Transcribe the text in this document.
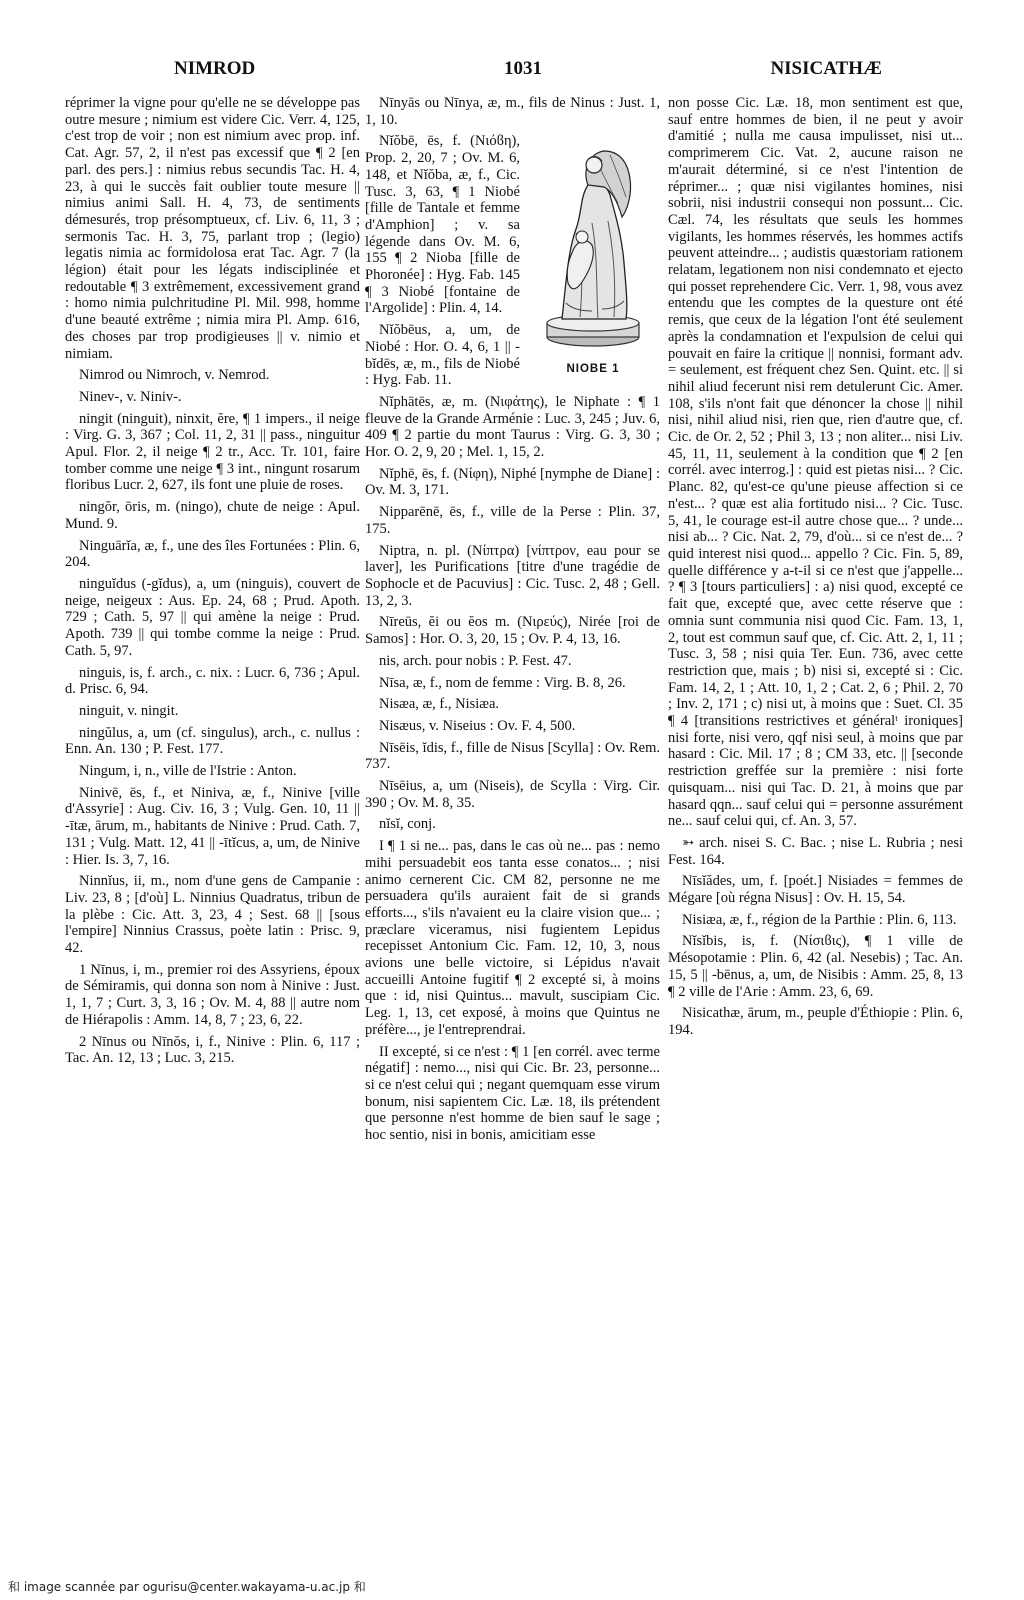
NIMROD	1031	NISICATHÆ

réprimer la vigne pour qu'elle ne se développe pas outre mesure ; nimium est videre Cic. Verr. 4, 125, c'est trop de voir ; non est nimium avec prop. inf. Cat. Agr. 57, 2, il n'est pas excessif que ¶ 2 [en parl. des pers.] : nimius rebus secundis Tac. H. 4, 23, à qui le succès fait oublier toute mesure || nimius animi Sall. H. 4, 73, de sentiments démesurés, trop présomptueux, cf. Liv. 6, 11, 3 ; sermonis Tac. H. 3, 75, parlant trop ; (legio) legatis nimia ac formidolosa erat Tac. Agr. 7 (la légion) était pour les légats indisciplinée et redoutable ¶ 3 extrêmement, excessivement grand : homo nimia pulchritudine Pl. Mil. 998, homme d'une beauté extrême ; nimia mira Pl. Amp. 616, des choses par trop prodigieuses || v. nimio et nimiam.

Nimrod ou Nimroch, v. Nemrod.

Ninev-, v. Niniv-.

ningit (ninguit), ninxit, ĕre, ¶ 1 impers., il neige : Virg. G. 3, 367 ; Col. 11, 2, 31 || pass., ninguitur Apul. Flor. 2, il neige ¶ 2 tr., Acc. Tr. 101, faire tomber comme une neige ¶ 3 int., ningunt rosarum floribus Lucr. 2, 627, ils font une pluie de roses.

ningŏr, ōris, m. (ningo), chute de neige : Apul. Mund. 9.

Ninguārĭa, æ, f., une des îles Fortunées : Plin. 6, 204.

ninguĭdus (-gĭdus), a, um (ninguis), couvert de neige, neigeux : Aus. Ep. 24, 68 ; Prud. Apoth. 729 ; Cath. 5, 97 || qui amène la neige : Prud. Apoth. 739 || qui tombe comme la neige : Prud. Cath. 5, 97.

ninguis, is, f. arch., c. nix. : Lucr. 6, 736 ; Apul. d. Prisc. 6, 94.

ninguit, v. ningit.

ningŭlus, a, um (cf. singulus), arch., c. nullus : Enn. An. 130 ; P. Fest. 177.

Ningum, i, n., ville de l'Istrie : Anton.

Ninivē, ēs, f., et Niniva, æ, f., Ninive [ville d'Assyrie] : Aug. Civ. 16, 3 ; Vulg. Gen. 10, 11 || -ītæ, ārum, m., habitants de Ninive : Prud. Cath. 7, 131 ; Vulg. Matt. 12, 41 || -ītĭcus, a, um, de Ninive : Hier. Is. 3, 7, 16.

Ninnĭus, ii, m., nom d'une gens de Campanie : Liv. 23, 8 ; [d'où] L. Ninnius Quadratus, tribun de la plèbe : Cic. Att. 3, 23, 4 ; Sest. 68 || [sous l'empire] Ninnius Crassus, poète latin : Prisc. 9, 42.

1 Nīnus, i, m., premier roi des Assyriens, époux de Sémiramis, qui donna son nom à Ninive : Just. 1, 1, 7 ; Curt. 3, 3, 16 ; Ov. M. 4, 88 || autre nom de Hiérapolis : Amm. 14, 8, 7 ; 23, 6, 22.

2 Nīnus ou Nīnŏs, i, f., Ninive : Plin. 6, 117 ; Tac. An. 12, 13 ; Luc. 3, 215.

Nīnyās ou Nīnya, æ, m., fils de Ninus : Just. 1, 1, 10.

NIOBE 1

Nĭŏbē, ēs, f. (Νιόϐη), Prop. 2, 20, 7 ; Ov. M. 6, 148, et Nĭŏba, æ, f., Cic. Tusc. 3, 63, ¶ 1 Niobé [fille de Tantale et femme d'Amphion] ; v. sa légende dans Ov. M. 6, 155 ¶ 2 Nioba [fille de Phoronée] : Hyg. Fab. 145 ¶ 3 Niobé [fontaine de l'Argolide] : Plin. 4, 14.

Nĭŏbēus, a, um, de Niobé : Hor. O. 4, 6, 1 || -bĭdēs, æ, m., fils de Niobé : Hyg. Fab. 11.

Nĭphātēs, æ, m. (Νιφάτης), le Niphate : ¶ 1 fleuve de la Grande Arménie : Luc. 3, 245 ; Juv. 6, 409 ¶ 2 partie du mont Taurus : Virg. G. 3, 30 ; Hor. O. 2, 9, 20 ; Mel. 1, 15, 2.

Nĭphē, ēs, f. (Νίφη), Niphé [nymphe de Diane] : Ov. M. 3, 171.

Nipparēnē, ēs, f., ville de la Perse : Plin. 37, 175.

Niptra, n. pl. (Νίπτρα) [νίπτρον, eau pour se laver], les Purifications [titre d'une tragédie de Sophocle et de Pacuvius] : Cic. Tusc. 2, 48 ; Gell. 13, 2, 3.

Nīreūs, ĕi ou ĕos m. (Νιρεύς), Nirée [roi de Samos] : Hor. O. 3, 20, 15 ; Ov. P. 4, 13, 16.

nis, arch. pour nobis : P. Fest. 47.

Nīsa, æ, f., nom de femme : Virg. B. 8, 26.

Nisæa, æ, f., Nisiæa.

Nisæus, v. Niseius : Ov. F. 4, 500.

Nīsēis, ĭdis, f., fille de Nisus [Scylla] : Ov. Rem. 737.

Nīsēius, a, um (Niseis), de Scylla : Virg. Cir. 390 ; Ov. M. 8, 35.

nĭsĭ, conj.

I ¶ 1 si ne... pas, dans le cas où ne... pas : nemo mihi persuadebit eos tanta esse conatos... ; nisi animo cernerent Cic. CM 82, personne ne me persuadera qu'ils auraient fait de si grands efforts..., s'ils n'avaient eu la claire vision que... ; præclare viceramus, nisi fugientem Lepidus recepisset Antonium Cic. Fam. 12, 10, 3, nous avions une belle victoire, si Lépidus n'avait accueilli Antoine fugitif ¶ 2 excepté si, à moins que : id, nisi Quintus... mavult, suscipiam Cic. Leg. 1, 13, cet exposé, à moins que Quintus ne préfère..., je l'entreprendrai.

II excepté, si ce n'est : ¶ 1 [en corrél. avec terme négatif] : nemo..., nisi qui Cic. Br. 23, personne... si ce n'est celui qui ; negant quemquam esse virum bonum, nisi sapientem Cic. Læ. 18, ils prétendent que personne n'est homme de bien sauf le sage ; hoc sentio, nisi in bonis, amicitiam esse

non posse Cic. Læ. 18, mon sentiment est que, sauf entre hommes de bien, il ne peut y avoir d'amitié ; nulla me causa impulisset, nisi ut... comprimerem Cic. Vat. 2, aucune raison ne m'aurait déterminé, si ce n'est l'intention de réprimer... ; quæ nisi vigilantes homines, nisi sobrii, nisi industrii consequi non possunt... Cic. Cæl. 74, les résultats que seuls les hommes vigilants, les hommes réservés, les hommes actifs peuvent atteindre... ; audistis quæstoriam rationem relatam, legationem non nisi condemnato et ejecto qui posset reprehendere Cic. Verr. 1, 98, vous avez entendu que les comptes de la questure ont été remis, que ceux de la légation l'ont été seulement après la condamnation et l'expulsion de celui qui pouvait en faire la critique || nonnisi, formant adv. = seulement, est fréquent chez Sen. Quint. etc. || si nihil aliud fecerunt nisi rem detulerunt Cic. Amer. 108, s'ils n'ont fait que dénoncer la chose || nihil nisi, nihil aliud nisi, rien que, rien d'autre que, cf. Cic. de Or. 2, 52 ; Phil 3, 13 ; non aliter... nisi Liv. 45, 11, 11, seulement à la condition que ¶ 2 [en corrél. avec interrog.] : quid est pietas nisi... ? Cic. Planc. 82, qu'est-ce qu'une pieuse affection si ce n'est... ? quæ est alia fortitudo nisi... ? Cic. Tusc. 5, 41, le courage est-il autre chose que... ? unde... nisi ab... ? Cic. Nat. 2, 79, d'où... si ce n'est de... ? quid interest nisi quod... appello ? Cic. Fin. 5, 89, quelle différence y a-t-il si ce n'est que j'appelle... ? ¶ 3 [tours particuliers] : a) nisi quod, excepté ce fait que, excepté que, avec cette réserve que : omnia sunt communia nisi quod Cic. Fam. 13, 1, 2, tout est commun sauf que, cf. Cic. Att. 2, 1, 11 ; Tusc. 3, 58 ; nisi quia Ter. Eun. 736, avec cette restriction que, mais ; b) nisi si, excepté si : Cic. Fam. 14, 2, 1 ; Att. 10, 1, 2 ; Cat. 2, 6 ; Phil. 2, 70 ; Inv. 2, 171 ; c) nisi ut, à moins que : Suet. Cl. 35 ¶ 4 [transitions restrictives et généralᵗ ironiques] nisi forte, nisi vero, qqf nisi seul, à moins que par hasard : Cic. Mil. 17 ; 8 ; CM 33, etc. || [seconde restriction greffée sur la première : nisi forte quisquam... nisi qui Tac. D. 21, à moins que par hasard qqn... sauf celui qui = personne assurément ne... sauf celui qui, cf. An. 3, 57.

➳ arch. nisei S. C. Bac. ; nise L. Rubria ; nesi Fest. 164.

Nīsĭădes, um, f. [poét.] Nisiades = femmes de Mégare [où régna Nisus] : Ov. H. 15, 54.

Nisiæa, æ, f., région de la Parthie : Plin. 6, 113.

Nĭsĭbis, is, f. (Νίσιϐις), ¶ 1 ville de Mésopotamie : Plin. 6, 42 (al. Nesebis) ; Tac. An. 15, 5 || -bēnus, a, um, de Nisibis : Amm. 25, 8, 13 ¶ 2 ville de l'Arie : Amm. 23, 6, 69.

Nisicathæ, ārum, m., peuple d'Éthiopie : Plin. 6, 194.

和 image scannée par ogurisu@center.wakayama-u.ac.jp 和
